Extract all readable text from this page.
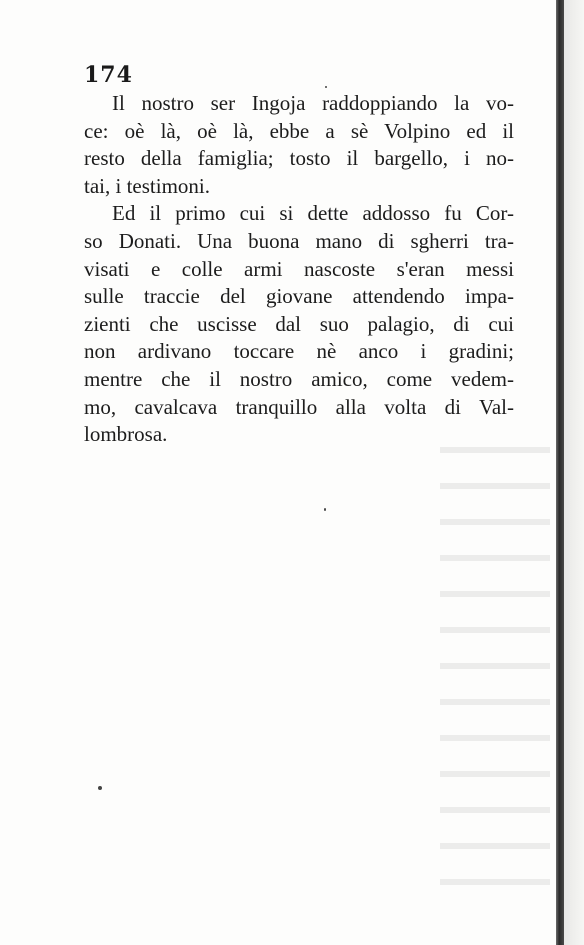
174

Il nostro ser Ingoja raddoppiando la vo-
ce: oè là, oè là, ebbe a sè Volpino ed il
resto della famiglia; tosto il bargello, i no-
tai, i testimoni.

Ed il primo cui si dette addosso fu Cor-
so Donati. Una buona mano di sgherri tra-
visati e colle armi nascoste s'eran messi
sulle traccie del giovane attendendo impa-
zienti che uscisse dal suo palagio, di cui
non ardivano toccare nè anco i gradini;
mentre che il nostro amico, come vedem-
mo, cavalcava tranquillo alla volta di Val-
lombrosa.
